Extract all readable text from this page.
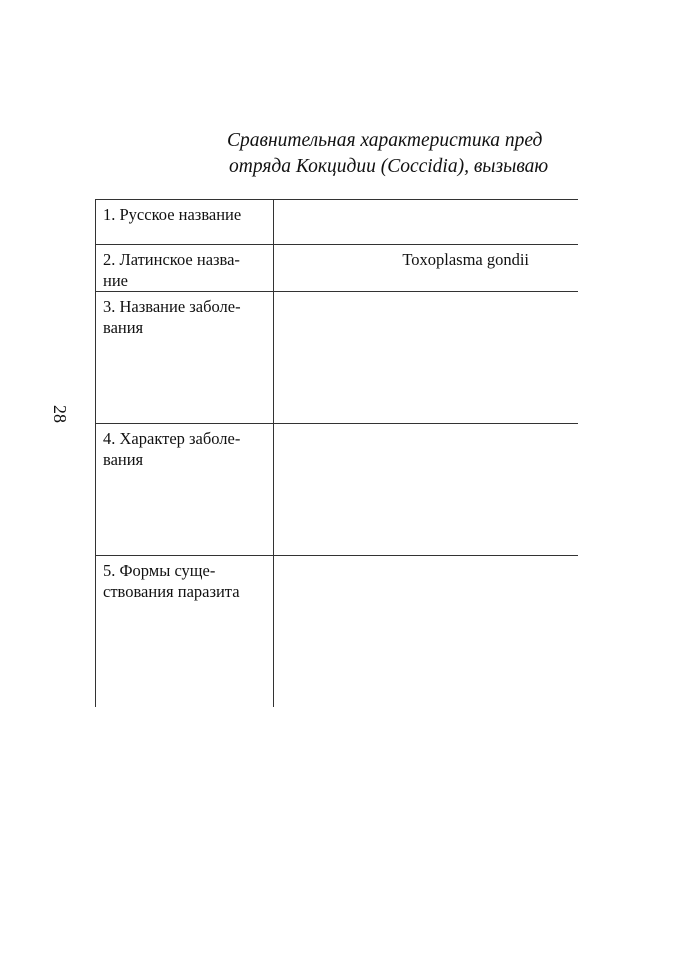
Сравнительная характеристика пред
отряда Кокцидии (Coccidia), вызываю
28
1. Русское название	

2. Латинское назва-
ние	Toxoplasma gondii

3. Название заболе-
вания	

4. Характер заболе-
вания	

5. Формы суще-
ствования паразита	
